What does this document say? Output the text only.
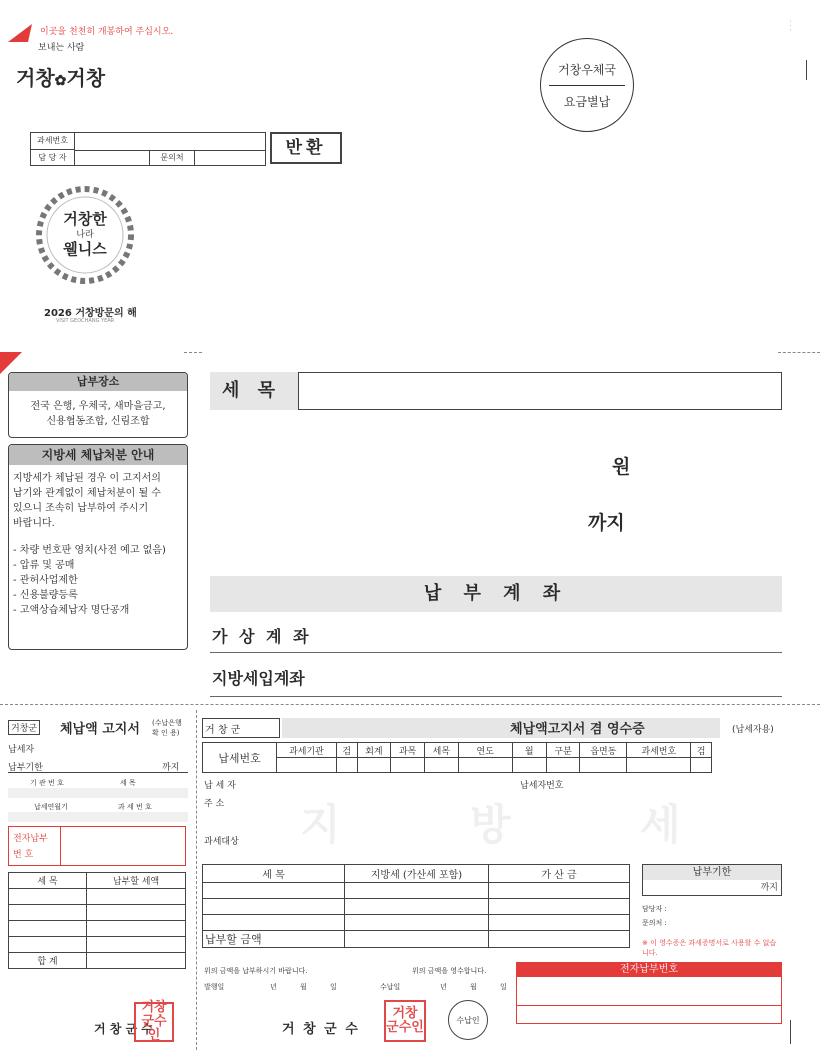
이곳을 천천히 개봉하여 주십시오.
보내는 사람
거창✿거창	거창우체국
요금별납
· · ·
과세번호
담 당 자	문의처	반환
거창한
나라
웰니스
2026 거창방문의 해
VISIT GEOCHANG YEAR
납부장소
전국 은행, 우체국, 새마을금고,
신용협동조합, 신림조합
지방세 체납처분 안내
지방세가 체납된 경우 이 고지서의
납기와 관계없이 체납처분이 될 수
있으니 조속히 납부하여 주시기
바랍니다.
- 차량 번호판 영치(사전 예고 없음)
- 압류 및 공매
- 관허사업제한
- 신용불량등록
- 고액상습체납자 명단공개
세 목
원
까지
납 부 계 좌
가 상 계 좌
지방세입계좌
거창군 체납액 고지서 (수납은행 확 인 용)
납세자
납부기한	까지
기 관 번 호	세 목
납세연월기	과 세 번 호
전자납부
번 호
세 목	납부할 세액

합 계	
거 창 군 수
거창
군수인
거 창 군	체납액고지서 겸 영수증	(납세자용)
납세번호	과세기관	검	회계	과목	세목	연도	월	구분	읍면동	과세번호	검

납 세 자	납세자번호
주 소
과세대상 지	방	세
세 목	지방세 (가산세 포함)	가 산 금

납부할 금액		
납부기한
까지
담당자 :
문의처 :
※ 이 영수증은 과세증명서로 사용할 수 없습니다.
위의 금액을 납부하시기 바랍니다.	위의 금액을 영수합니다.
발행일	년	월	일	수납일	년	월	일
전자납부번호
거 창 군 수
거창
군수인	수납인
